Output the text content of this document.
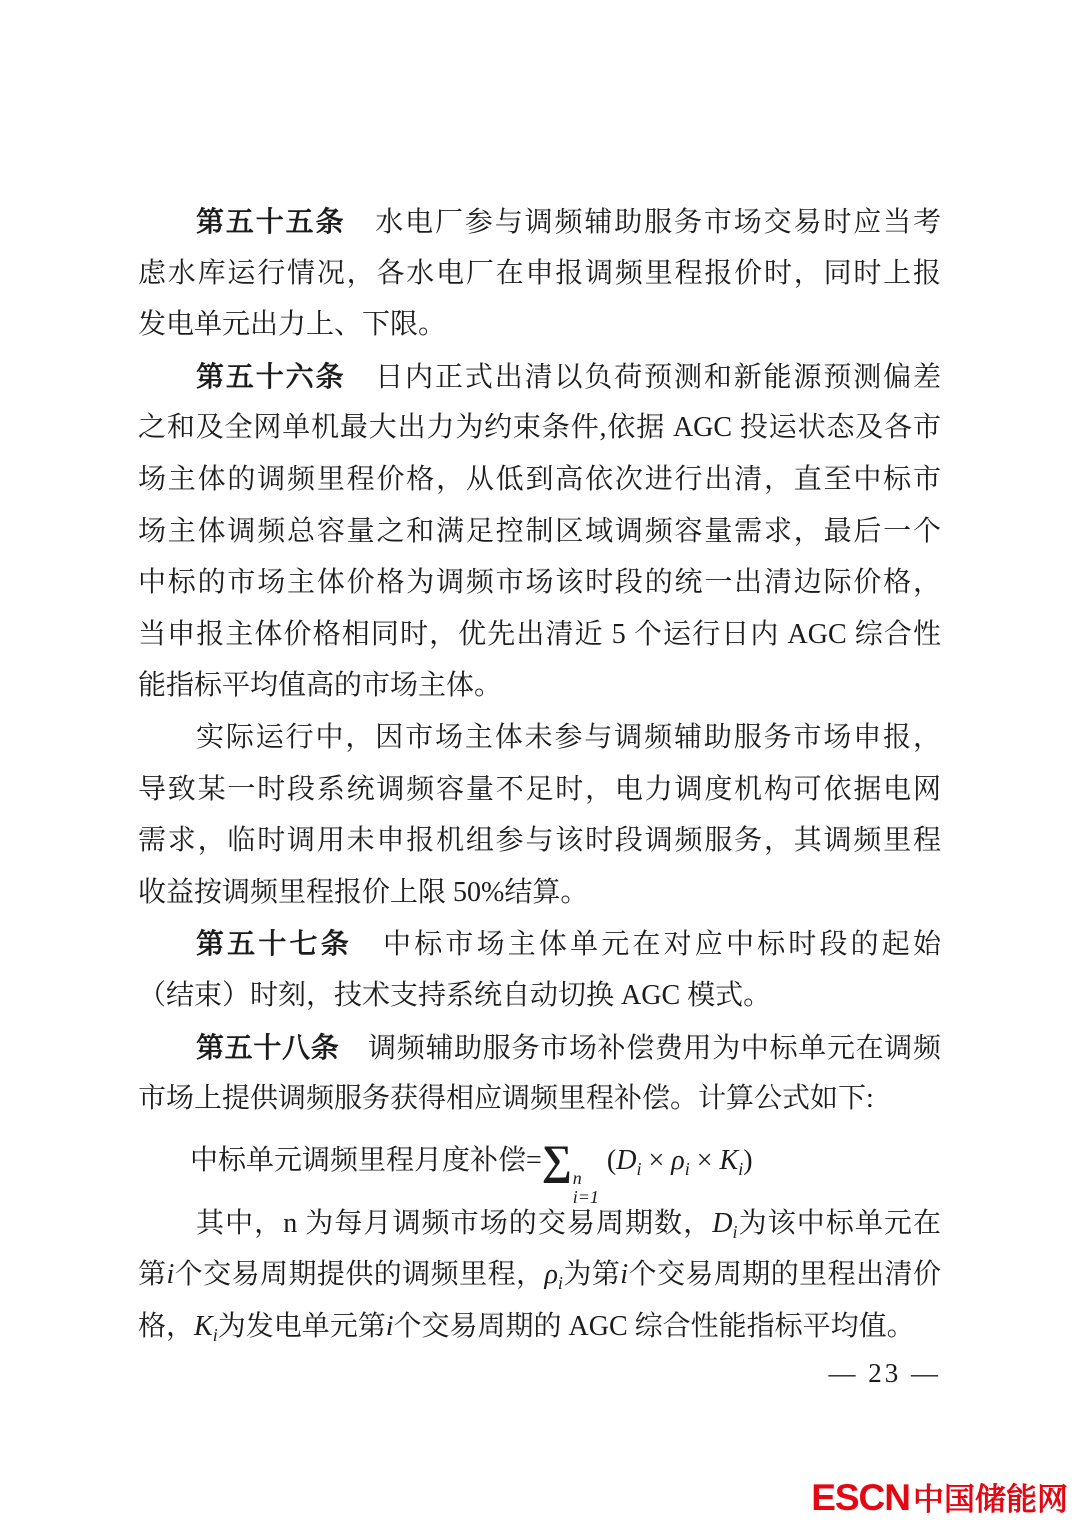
第五十五条　水电厂参与调频辅助服务市场交易时应当考
虑水库运行情况，各水电厂在申报调频里程报价时，同时上报
发电单元出力上、下限。
第五十六条　日内正式出清以负荷预测和新能源预测偏差
之和及全网单机最大出力为约束条件,依据 AGC 投运状态及各市
场主体的调频里程价格，从低到高依次进行出清，直至中标市
场主体调频总容量之和满足控制区域调频容量需求，最后一个
中标的市场主体价格为调频市场该时段的统一出清边际价格，
当申报主体价格相同时，优先出清近 5 个运行日内 AGC 综合性
能指标平均值高的市场主体。
实际运行中，因市场主体未参与调频辅助服务市场申报，
导致某一时段系统调频容量不足时，电力调度机构可依据电网
需求，临时调用未申报机组参与该时段调频服务，其调频里程
收益按调频里程报价上限 50%结算。
第五十七条　中标市场主体单元在对应中标时段的起始
（结束）时刻，技术支持系统自动切换 AGC 模式。
第五十八条　调频辅助服务市场补偿费用为中标单元在调频
市场上提供调频服务获得相应调频里程补偿。计算公式如下:
中标单元调频里程月度补偿=∑ n
i=1
$(D_i \times \rho_i \times K_i)$
其中，n 为每月调频市场的交易周期数，$D_i$为该中标单元在
第i个交易周期提供的调频里程，$\rho_i$为第i个交易周期的里程出清价
格，$K_i$为发电单元第i个交易周期的 AGC 综合性能指标平均值。
— 23 —
ESCN中国储能网
